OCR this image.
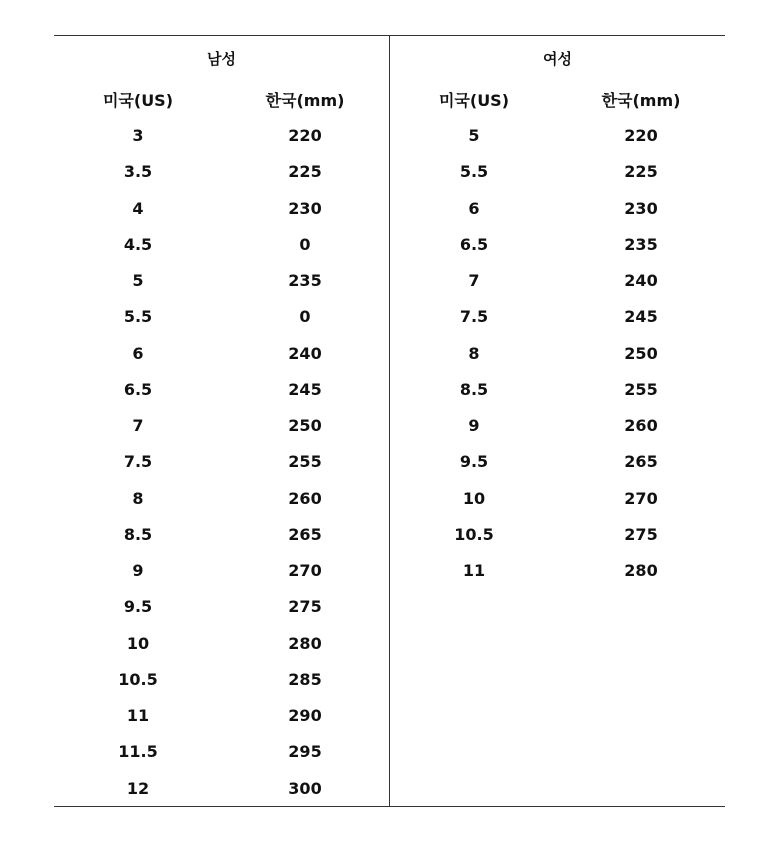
남성
미국(US)	한국(mm)
3	220
3.5	225
4	230
4.5	0
5	235
5.5	0
6	240
6.5	245
7	250
7.5	255
8	260
8.5	265
9	270
9.5	275
10	280
10.5	285
11	290
11.5	295
12	300
여성
미국(US)	한국(mm)
5	220
5.5	225
6	230
6.5	235
7	240
7.5	245
8	250
8.5	255
9	260
9.5	265
10	270
10.5	275
11	280
